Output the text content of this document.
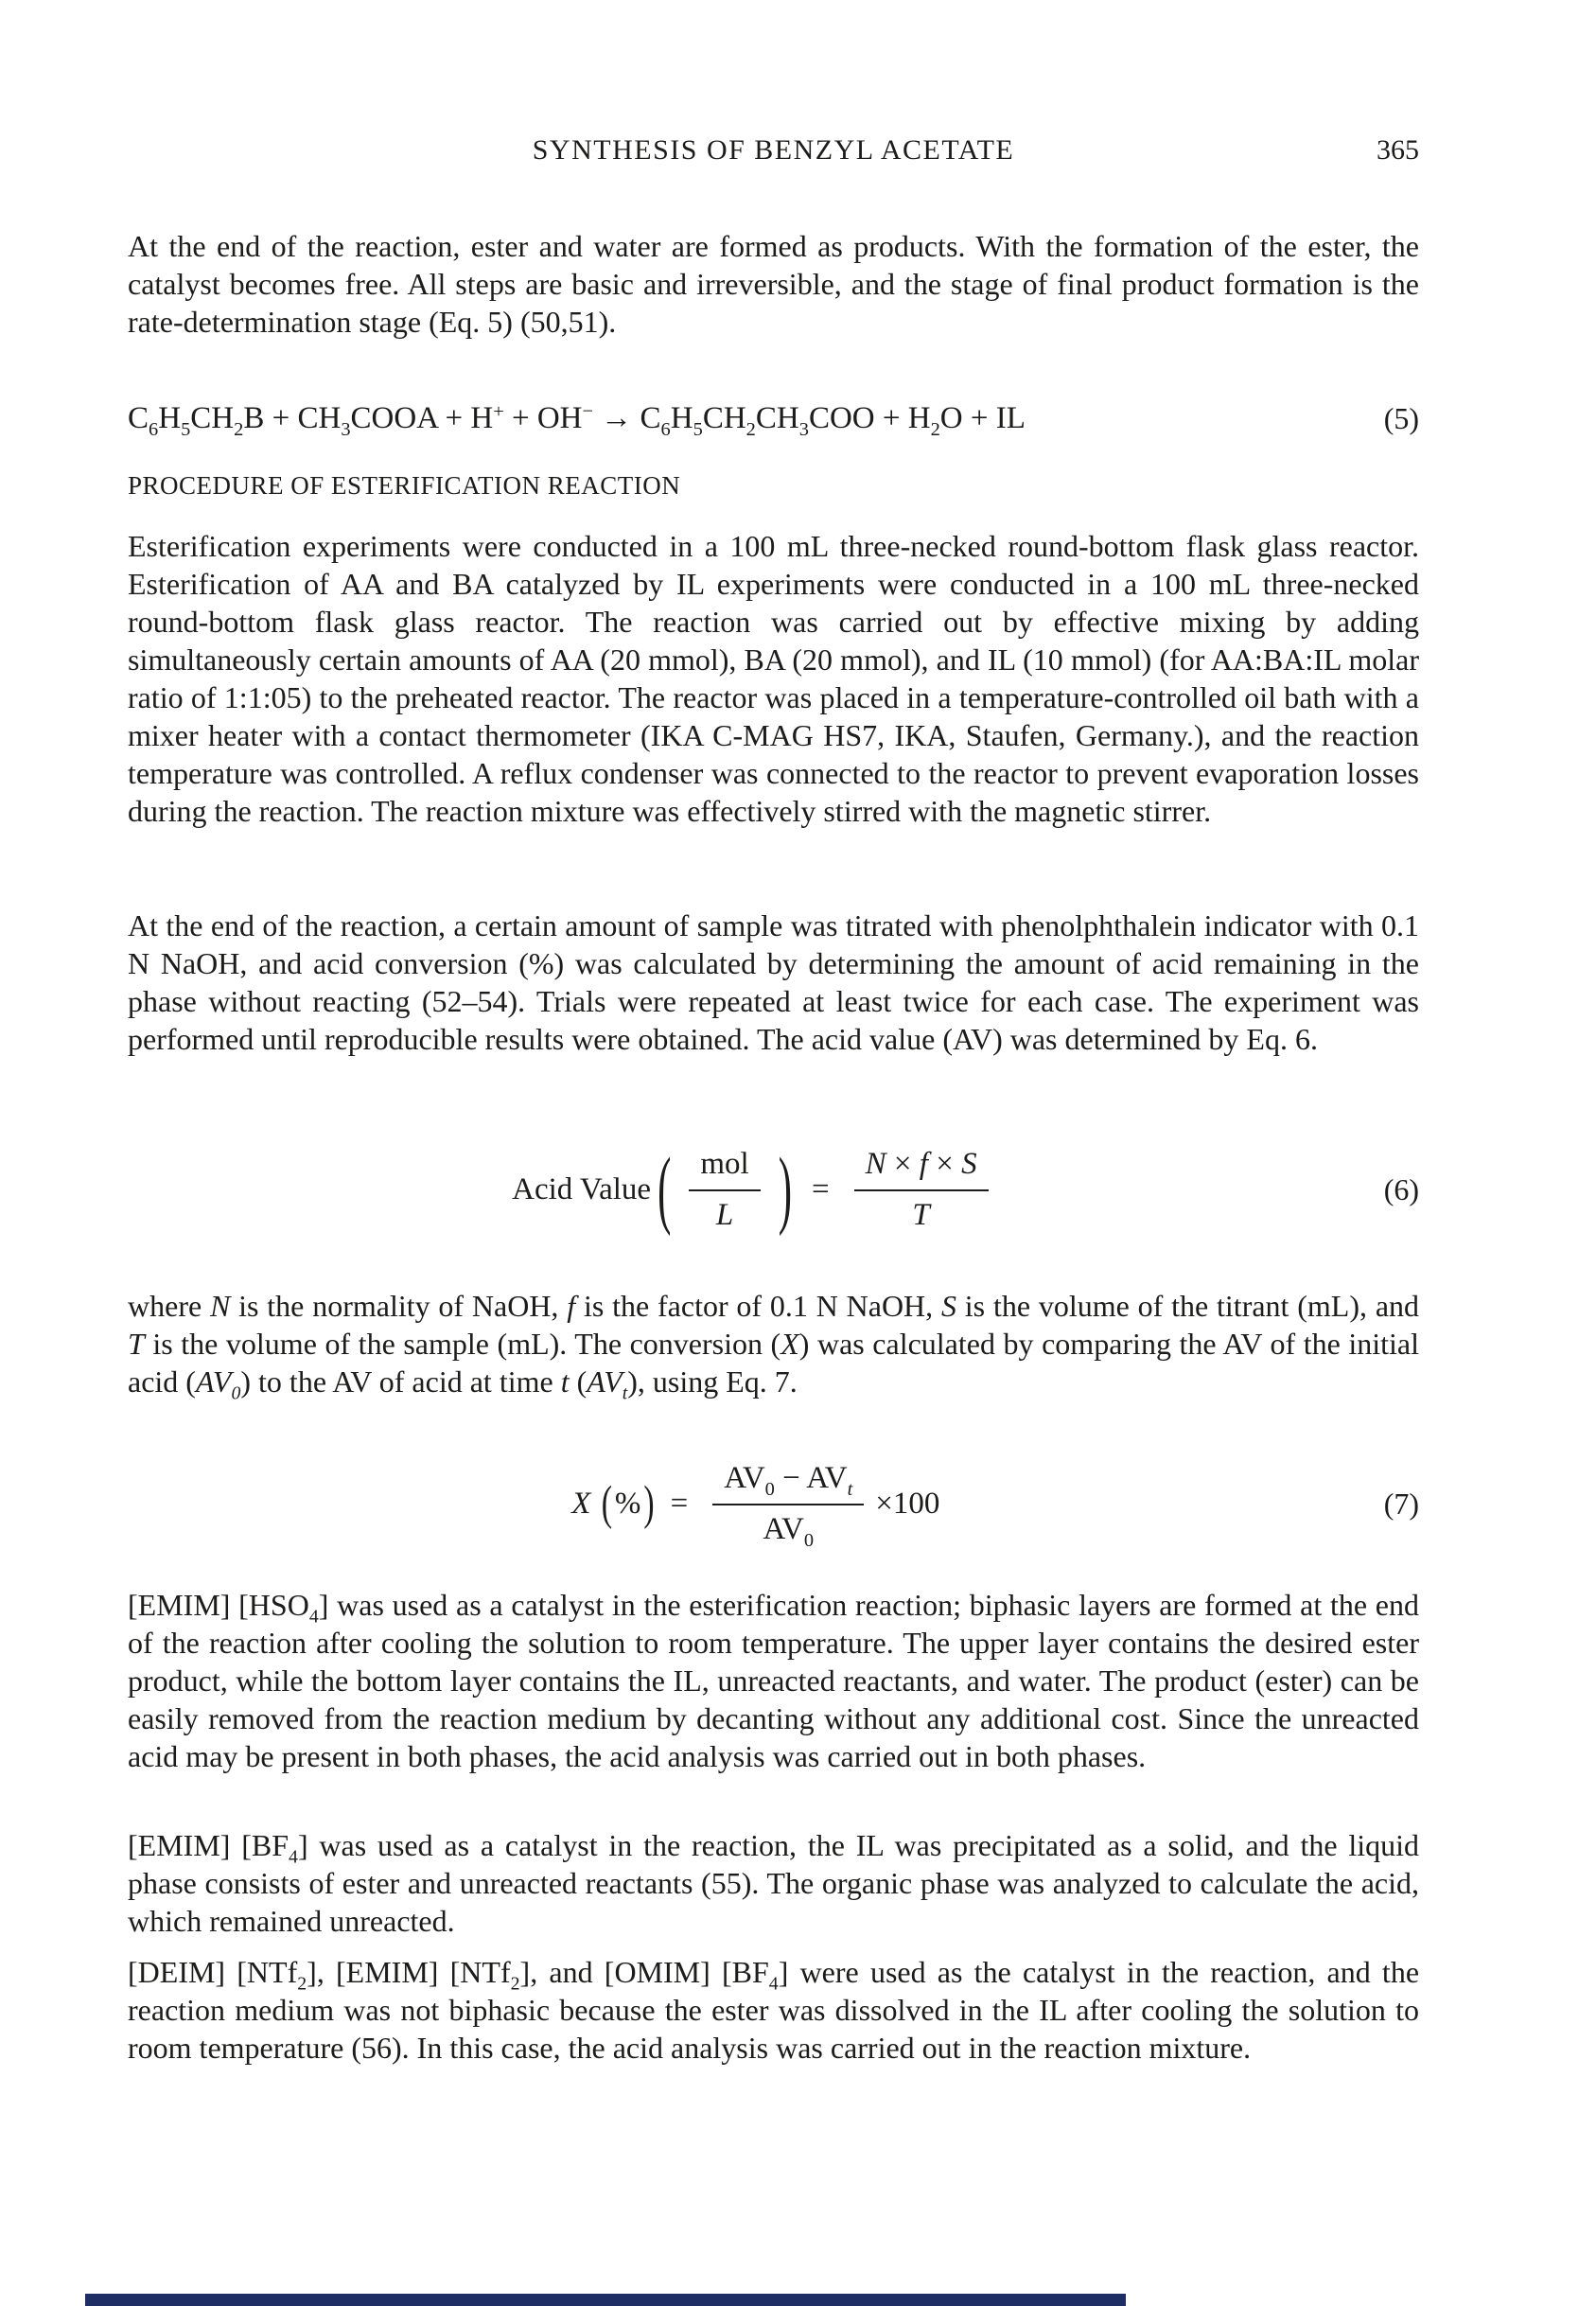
SYNTHESIS OF BENZYL ACETATE	365

At the end of the reaction, ester and water are formed as products. With the formation of the ester, the catalyst becomes free. All steps are basic and irreversible, and the stage of final product formation is the rate-determination stage (Eq. 5) (50,51).

$C_6H_5CH_2B$ + $CH_3COOA + H^+ + OH^- \to C_6H_5CH_2CH_3COO + H_2O$ + IL	(5)
PROCEDURE OF ESTERIFICATION REACTION

Esterification experiments were conducted in a 100 mL three-necked round-bottom flask glass reactor. Esterification of AA and BA catalyzed by IL experiments were conducted in a 100 mL three-necked round-bottom flask glass reactor. The reaction was carried out by effective mixing by adding simultaneously certain amounts of AA (20 mmol), BA (20 mmol), and IL (10 mmol) (for AA:BA:IL molar ratio of 1:1:05) to the preheated reactor. The reactor was placed in a temperature-controlled oil bath with a mixer heater with a contact thermometer (IKA C-MAG HS7, IKA, Staufen, Germany.), and the reaction temperature was controlled. A reflux condenser was connected to the reactor to prevent evaporation losses during the reaction. The reaction mixture was effectively stirred with the magnetic stirrer.

At the end of the reaction, a certain amount of sample was titrated with phenolphthalein indicator with 0.1 N NaOH, and acid conversion (%) was calculated by determining the amount of acid remaining in the phase without reacting (52–54). Trials were repeated at least twice for each case. The experiment was performed until reproducible results were obtained. The acid value (AV) was determined by Eq. 6.

Acid Value ( $\frac{\text{mol}}{L}$ ) = $\frac{N \times f \times S}{T}$	(6)

where N is the normality of NaOH, f is the factor of 0.1 N NaOH, S is the volume of the titrant (mL), and T is the volume of the sample (mL). The conversion (X) was calculated by comparing the AV of the initial acid $(AV_0)$ to the AV of acid at time t $(AV_t)$, using Eq. 7.

X ( % ) = $\frac{AV_0 - AV_t}{AV_0} \times 100$	(7)

[EMIM] $[HSO_4]$ was used as a catalyst in the esterification reaction; biphasic layers are formed at the end of the reaction after cooling the solution to room temperature. The upper layer contains the desired ester product, while the bottom layer contains the IL, unreacted reactants, and water. The product (ester) can be easily removed from the reaction medium by decanting without any additional cost. Since the unreacted acid may be present in both phases, the acid analysis was carried out in both phases.

[EMIM] $[BF_4]$ was used as a catalyst in the reaction, the IL was precipitated as a solid, and the liquid phase consists of ester and unreacted reactants (55). The organic phase was analyzed to calculate the acid, which remained unreacted.

[DEIM] [NTf$_2$], [EMIM] [NTf$_2$], and [OMIM] $[BF_4]$ were used as the catalyst in the reaction, and the reaction medium was not biphasic because the ester was dissolved in the IL after cooling the solution to room temperature (56). In this case, the acid analysis was carried out in the reaction mixture.
